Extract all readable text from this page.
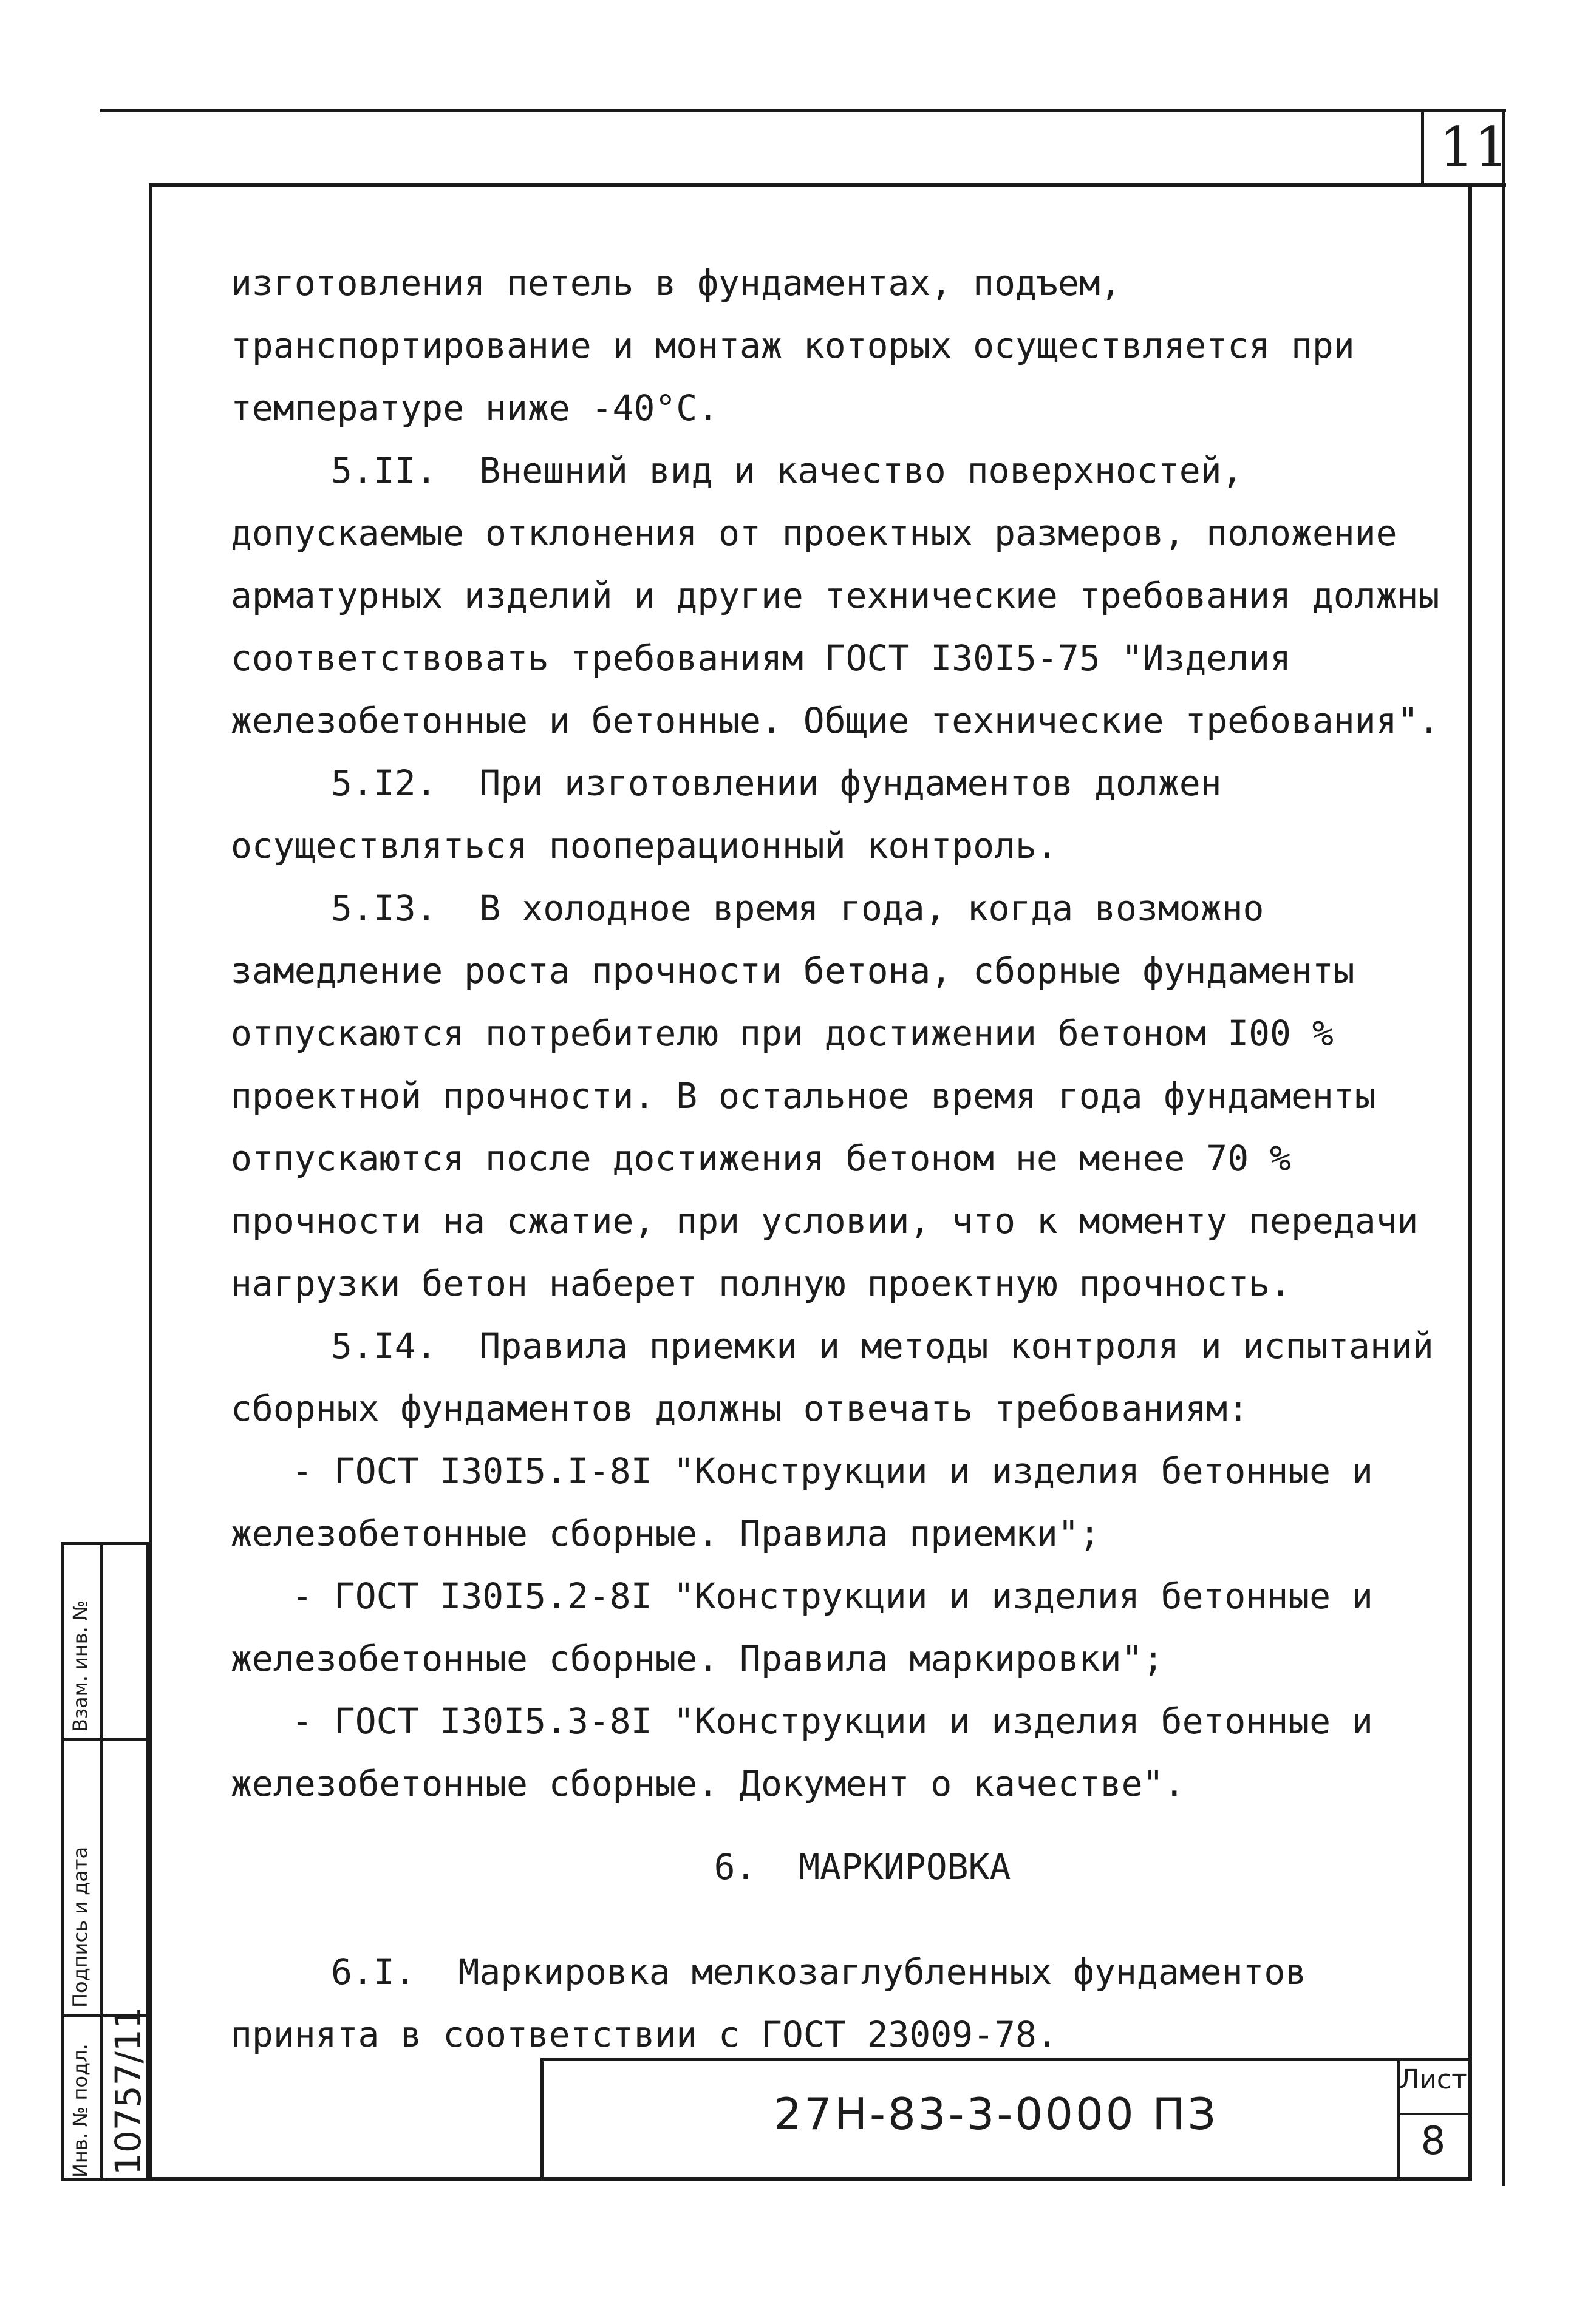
11

изготовления петель в фундаментах, подъем, транспортирование и монтаж которых осуществляется при температуре ниже -40°С.

5.II.  Внешний вид и качество поверхностей, допускаемые отклонения от проектных размеров, положение арматурных изделий и другие технические требования должны соответствовать требованиям ГОСТ I30I5-75 "Изделия железобетонные и бетонные. Общие технические требования".

5.I2.  При изготовлении фундаментов должен осуществляться пооперационный контроль.

5.I3.  В холодное время года, когда возможно замедление роста прочности бетона, сборные фундаменты отпускаются потребителю при достижении бетоном I00 %  проектной прочности. В остальное время года фундаменты отпускаются после достижения бетоном не менее 70 % прочности на сжатие, при условии, что к моменту передачи нагрузки бетон наберет полную проектную прочность.

5.I4.  Правила приемки и методы контроля и испытаний сборных фундаментов должны отвечать требованиям:

- ГОСТ I30I5.I-8I "Конструкции и изделия бетонные и железобетонные сборные. Правила приемки";

- ГОСТ I30I5.2-8I "Конструкции и изделия бетонные и железобетонные сборные. Правила маркировки";

- ГОСТ I30I5.3-8I "Конструкции и изделия бетонные и железобетонные сборные. Документ о качестве".

6.  МАРКИРОВКА

6.I.  Маркировка мелкозаглубленных фундаментов принята в соответствии с ГОСТ 23009-78.

27Н-83-3-0000 ПЗ
Лист
8
Инв. № подл.
Подпись и дата
Взам. инв. №
10757/11
